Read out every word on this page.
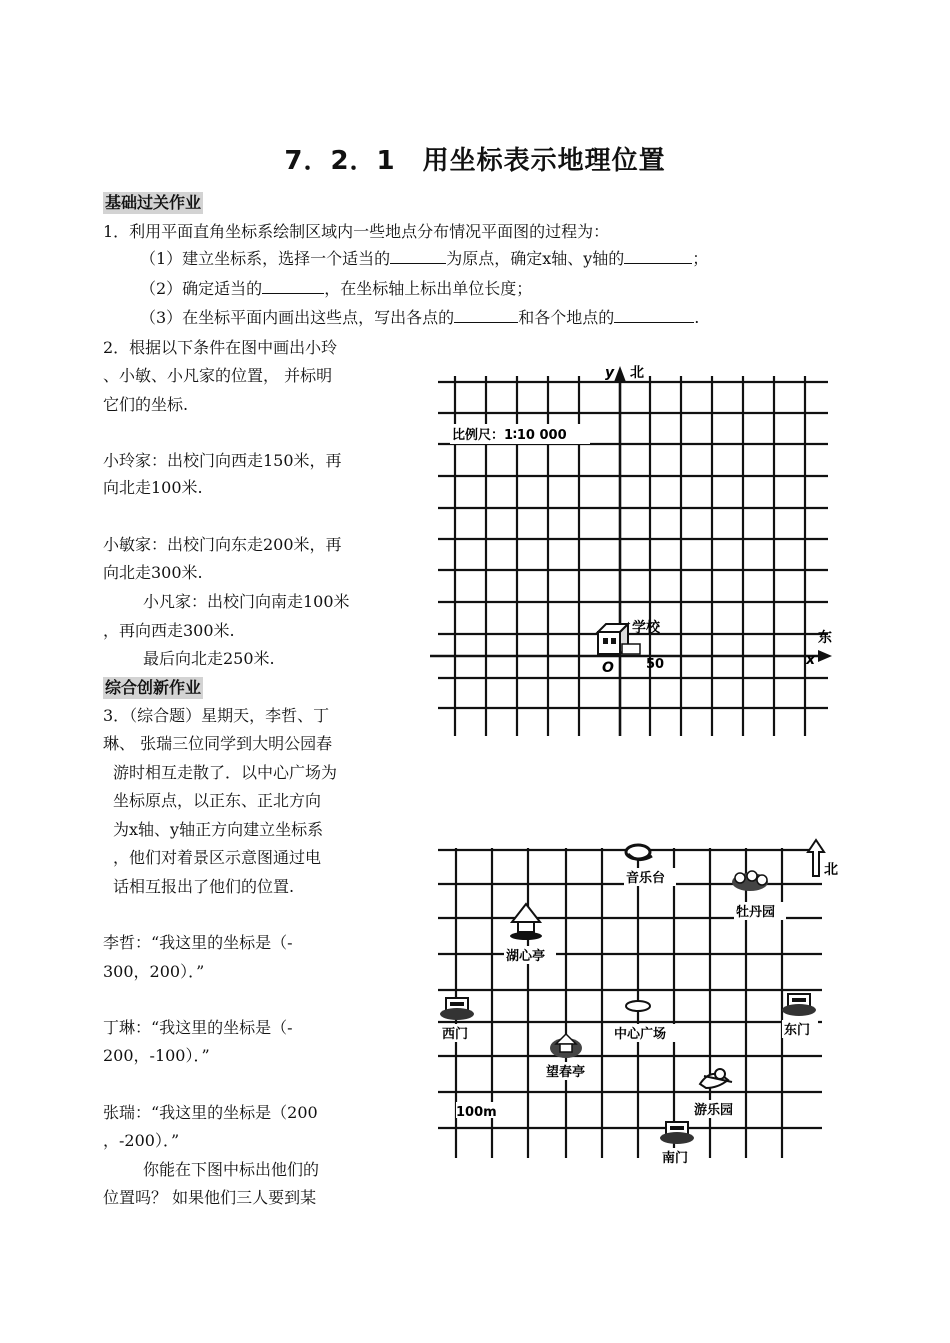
7．2．1　用坐标表示地理位置
基础过关作业
1．利用平面直角坐标系绘制区域内一些地点分布情况平面图的过程为：
（1）建立坐标系，选择一个适当的	为原点，确定x轴、y轴的	；
（2）确定适当的	，在坐标轴上标出单位长度；
（3）在坐标平面内画出这些点，写出各点的	和各个地点的	.
2．根据以下条件在图中画出小玲
、小敏、小凡家的位置， 并标明
它们的坐标.
小玲家：出校门向西走150米，再
向北走100米.
小敏家：出校门向东走200米，再
向北走300米.
小凡家：出校门向南走100米
，再向西走300米.
最后向北走250米.
综合创新作业
3．（综合题）星期天，李哲、丁
琳、 张瑞三位同学到大明公园春
游时相互走散了．以中心广场为
坐标原点，以正东、正北方向
为x轴、y轴正方向建立坐标系
，他们对着景区示意图通过电
话相互报出了他们的位置.
李哲：“我这里的坐标是（-
300，200）．”
丁琳：“我这里的坐标是（-
200，-100）．”
张瑞：“我这里的坐标是（200
，-200）．”
你能在下图中标出他们的
位置吗？ 如果他们三人要到某
y 北
比例尺：1∶10 000
学校
东
x
O 50
北
音乐台
牡丹园
湖心亭
西门	中心广场	东门
望春亭
游乐园
南门
100m
